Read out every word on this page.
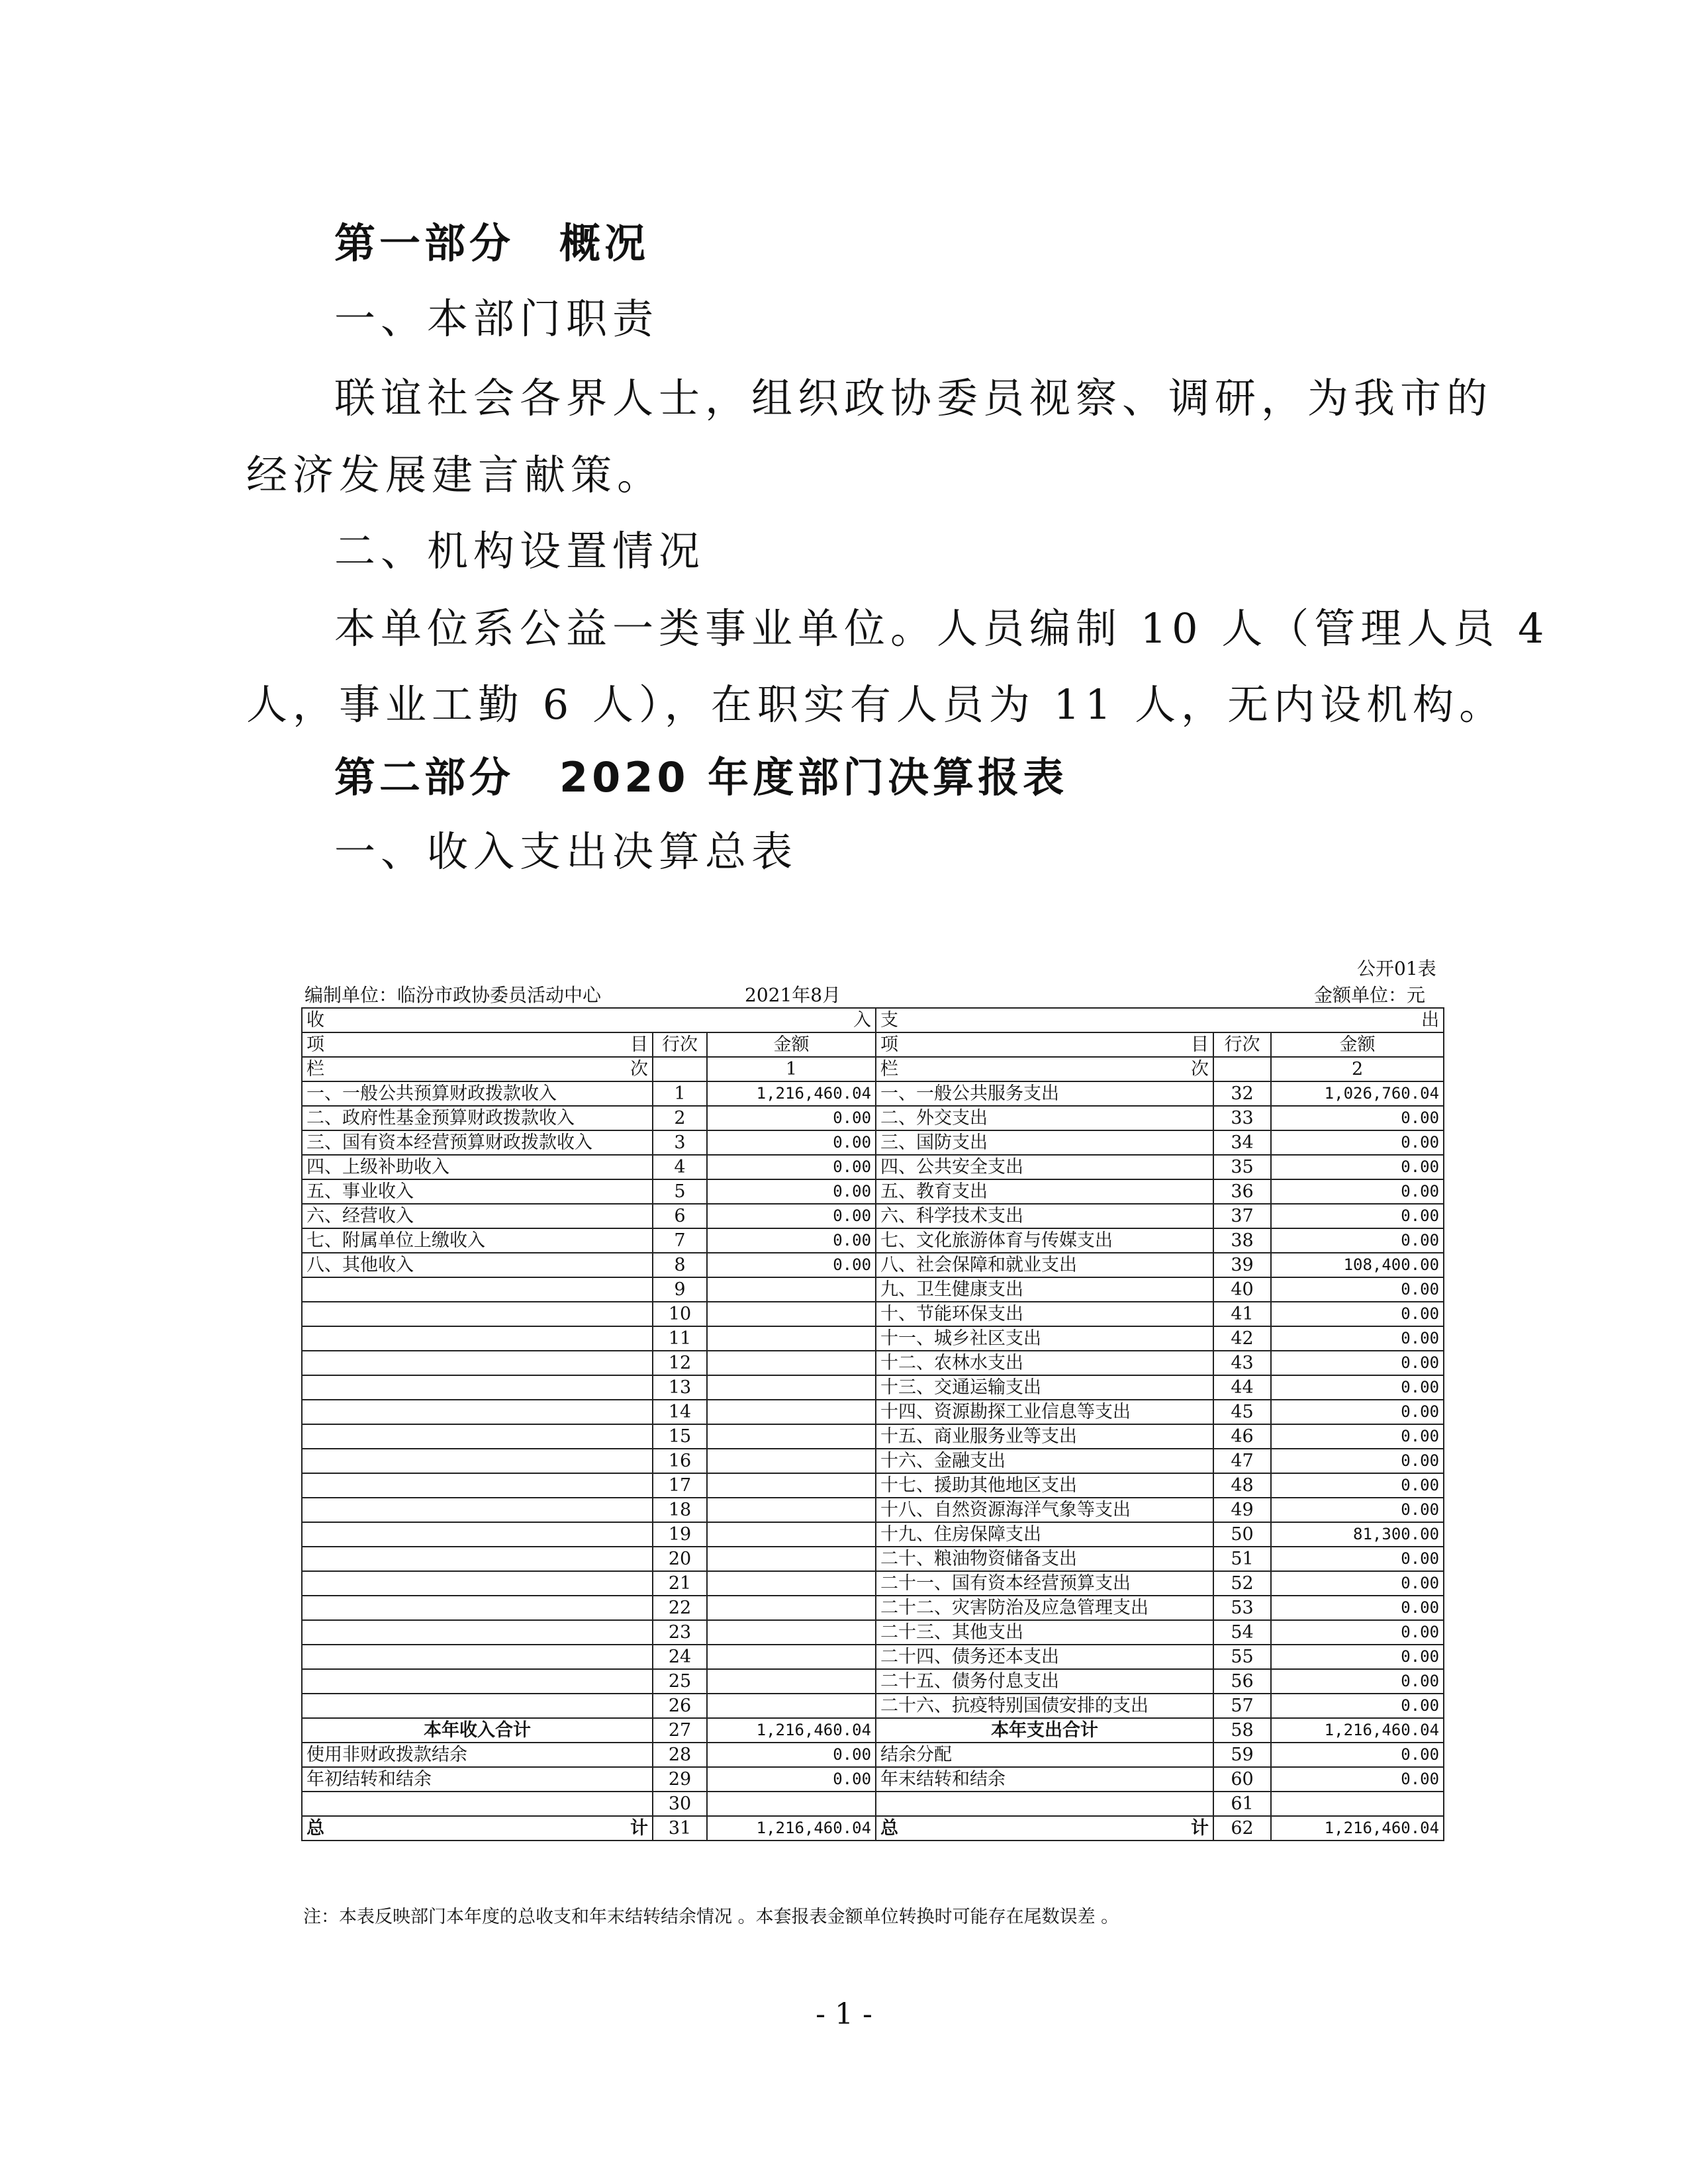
第一部分　概况
一、本部门职责
联谊社会各界人士，组织政协委员视察、调研，为我市的
经济发展建言献策。
二、机构设置情况
本单位系公益一类事业单位。人员编制 10 人（管理人员 4
人，事业工勤 6 人），在职实有人员为 11 人，无内设机构。
第二部分　2020 年度部门决算报表
一、收入支出决算总表
公开01表
编制单位：临汾市政协委员活动中心	2021年8月	金额单位：元
收 入			支 出		

项 目	行次	金额	项 目	行次	金额

栏 次		1	栏 次		2
一、一般公共预算财政拨款收入	1	1,216,460.04	一、一般公共服务支出	32	1,026,760.04
二、政府性基金预算财政拨款收入	2	0.00	二、外交支出	33	0.00
三、国有资本经营预算财政拨款收入	3	0.00	三、国防支出	34	0.00
四、上级补助收入	4	0.00	四、公共安全支出	35	0.00
五、事业收入	5	0.00	五、教育支出	36	0.00
六、经营收入	6	0.00	六、科学技术支出	37	0.00
七、附属单位上缴收入	7	0.00	七、文化旅游体育与传媒支出	38	0.00
八、其他收入	8	0.00	八、社会保障和就业支出	39	108,400.00
	9		九、卫生健康支出	40	0.00
	10		十、节能环保支出	41	0.00
	11		十一、城乡社区支出	42	0.00
	12		十二、农林水支出	43	0.00
	13		十三、交通运输支出	44	0.00
	14		十四、资源勘探工业信息等支出	45	0.00
	15		十五、商业服务业等支出	46	0.00
	16		十六、金融支出	47	0.00
	17		十七、援助其他地区支出	48	0.00
	18		十八、自然资源海洋气象等支出	49	0.00
	19		十九、住房保障支出	50	81,300.00
	20		二十、粮油物资储备支出	51	0.00
	21		二十一、国有资本经营预算支出	52	0.00
	22		二十二、灾害防治及应急管理支出	53	0.00
	23		二十三、其他支出	54	0.00
	24		二十四、债务还本支出	55	0.00
	25		二十五、债务付息支出	56	0.00
	26		二十六、抗疫特别国债安排的支出	57	0.00
本年收入合计	27	1,216,460.04	本年支出合计	58	1,216,460.04
使用非财政拨款结余	28	0.00	结余分配	59	0.00
年初结转和结余	29	0.00	年末结转和结余	60	0.00
	30			61	

总 计	31	1,216,460.04	总 计	62	1,216,460.04
注：本表反映部门本年度的总收支和年末结转结余情况 。本套报表金额单位转换时可能存在尾数误差 。
- 1 -
